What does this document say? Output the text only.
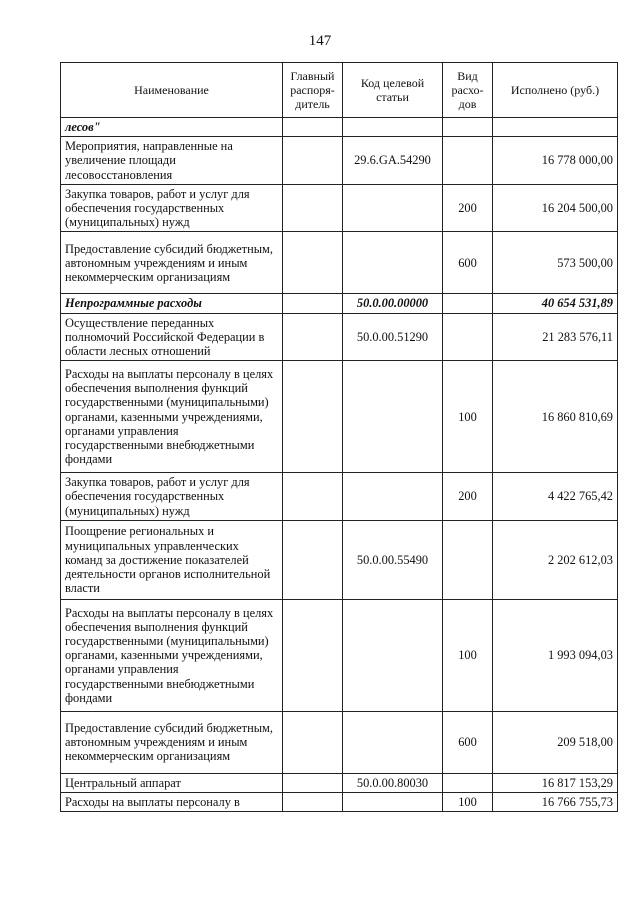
147
Наименование	Главный распоря-дитель	Код целевой статьи	Вид расхо-дов	Исполнено (руб.)
лесов"				
Мероприятия, направленные на увеличение площади лесовосстановления		29.6.GA.54290		16 778 000,00
Закупка товаров, работ и услуг для обеспечения государственных (муниципальных) нужд			200	16 204 500,00
Предоставление субсидий бюджетным, автономным учреждениям и иным некоммерческим организациям			600	573 500,00
Непрограммные расходы		50.0.00.00000		40 654 531,89
Осуществление переданных полномочий Российской Федерации в области лесных отношений		50.0.00.51290		21 283 576,11
Расходы на выплаты персоналу в целях обеспечения выполнения функций государственными (муниципальными) органами, казенными учреждениями, органами управления государственными внебюджетными фондами			100	16 860 810,69
Закупка товаров, работ и услуг для обеспечения государственных (муниципальных) нужд			200	4 422 765,42
Поощрение региональных и муниципальных управленческих команд за достижение показателей деятельности органов исполнительной власти		50.0.00.55490		2 202 612,03
Расходы на выплаты персоналу в целях обеспечения выполнения функций государственными (муниципальными) органами, казенными учреждениями, органами управления государственными внебюджетными фондами			100	1 993 094,03
Предоставление субсидий бюджетным, автономным учреждениям и иным некоммерческим организациям			600	209 518,00
Центральный аппарат		50.0.00.80030		16 817 153,29
Расходы на выплаты персоналу в			100	16 766 755,73
